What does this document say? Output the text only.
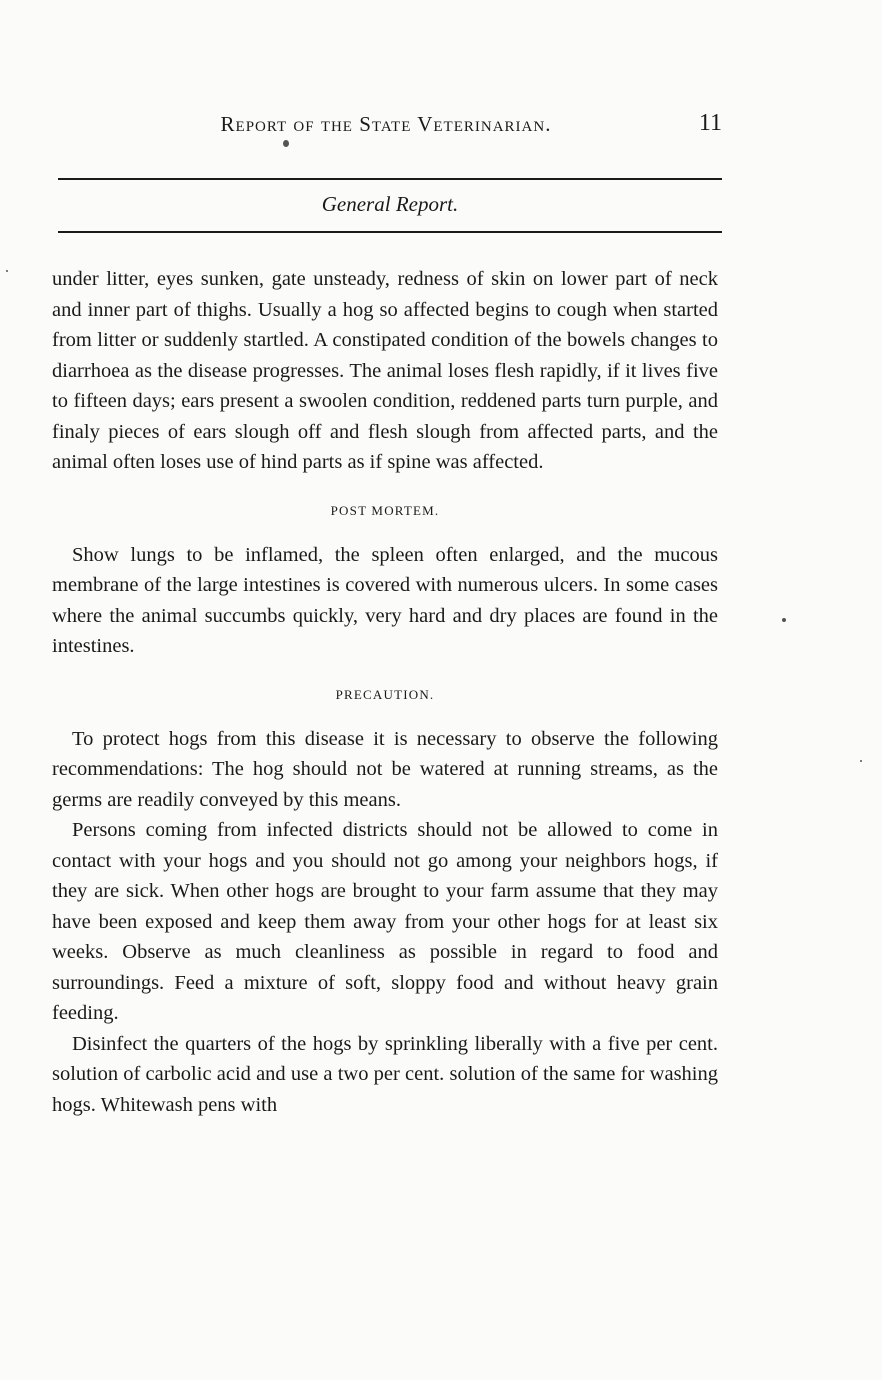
Report of the State Veterinarian.	11
General Report.

under litter, eyes sunken, gate unsteady, redness of skin on lower part of neck and inner part of thighs. Usually a hog so affected begins to cough when started from litter or suddenly startled. A constipated condition of the bowels changes to diarrhoea as the disease progresses. The animal loses flesh rapidly, if it lives five to fifteen days; ears present a swoolen condition, reddened parts turn purple, and finaly pieces of ears slough off and flesh slough from affected parts, and the animal often loses use of hind parts as if spine was affected.

POST MORTEM.

Show lungs to be inflamed, the spleen often enlarged, and the mucous membrane of the large intestines is covered with numerous ulcers. In some cases where the animal succumbs quickly, very hard and dry places are found in the intestines.

PRECAUTION.

To protect hogs from this disease it is necessary to observe the following recommendations: The hog should not be watered at running streams, as the germs are readily conveyed by this means.

Persons coming from infected districts should not be allowed to come in contact with your hogs and you should not go among your neighbors hogs, if they are sick. When other hogs are brought to your farm assume that they may have been exposed and keep them away from your other hogs for at least six weeks. Observe as much cleanliness as possible in regard to food and surroundings. Feed a mixture of soft, sloppy food and without heavy grain feeding.

Disinfect the quarters of the hogs by sprinkling liberally with a five per cent. solution of carbolic acid and use a two per cent. solution of the same for washing hogs. Whitewash pens with
